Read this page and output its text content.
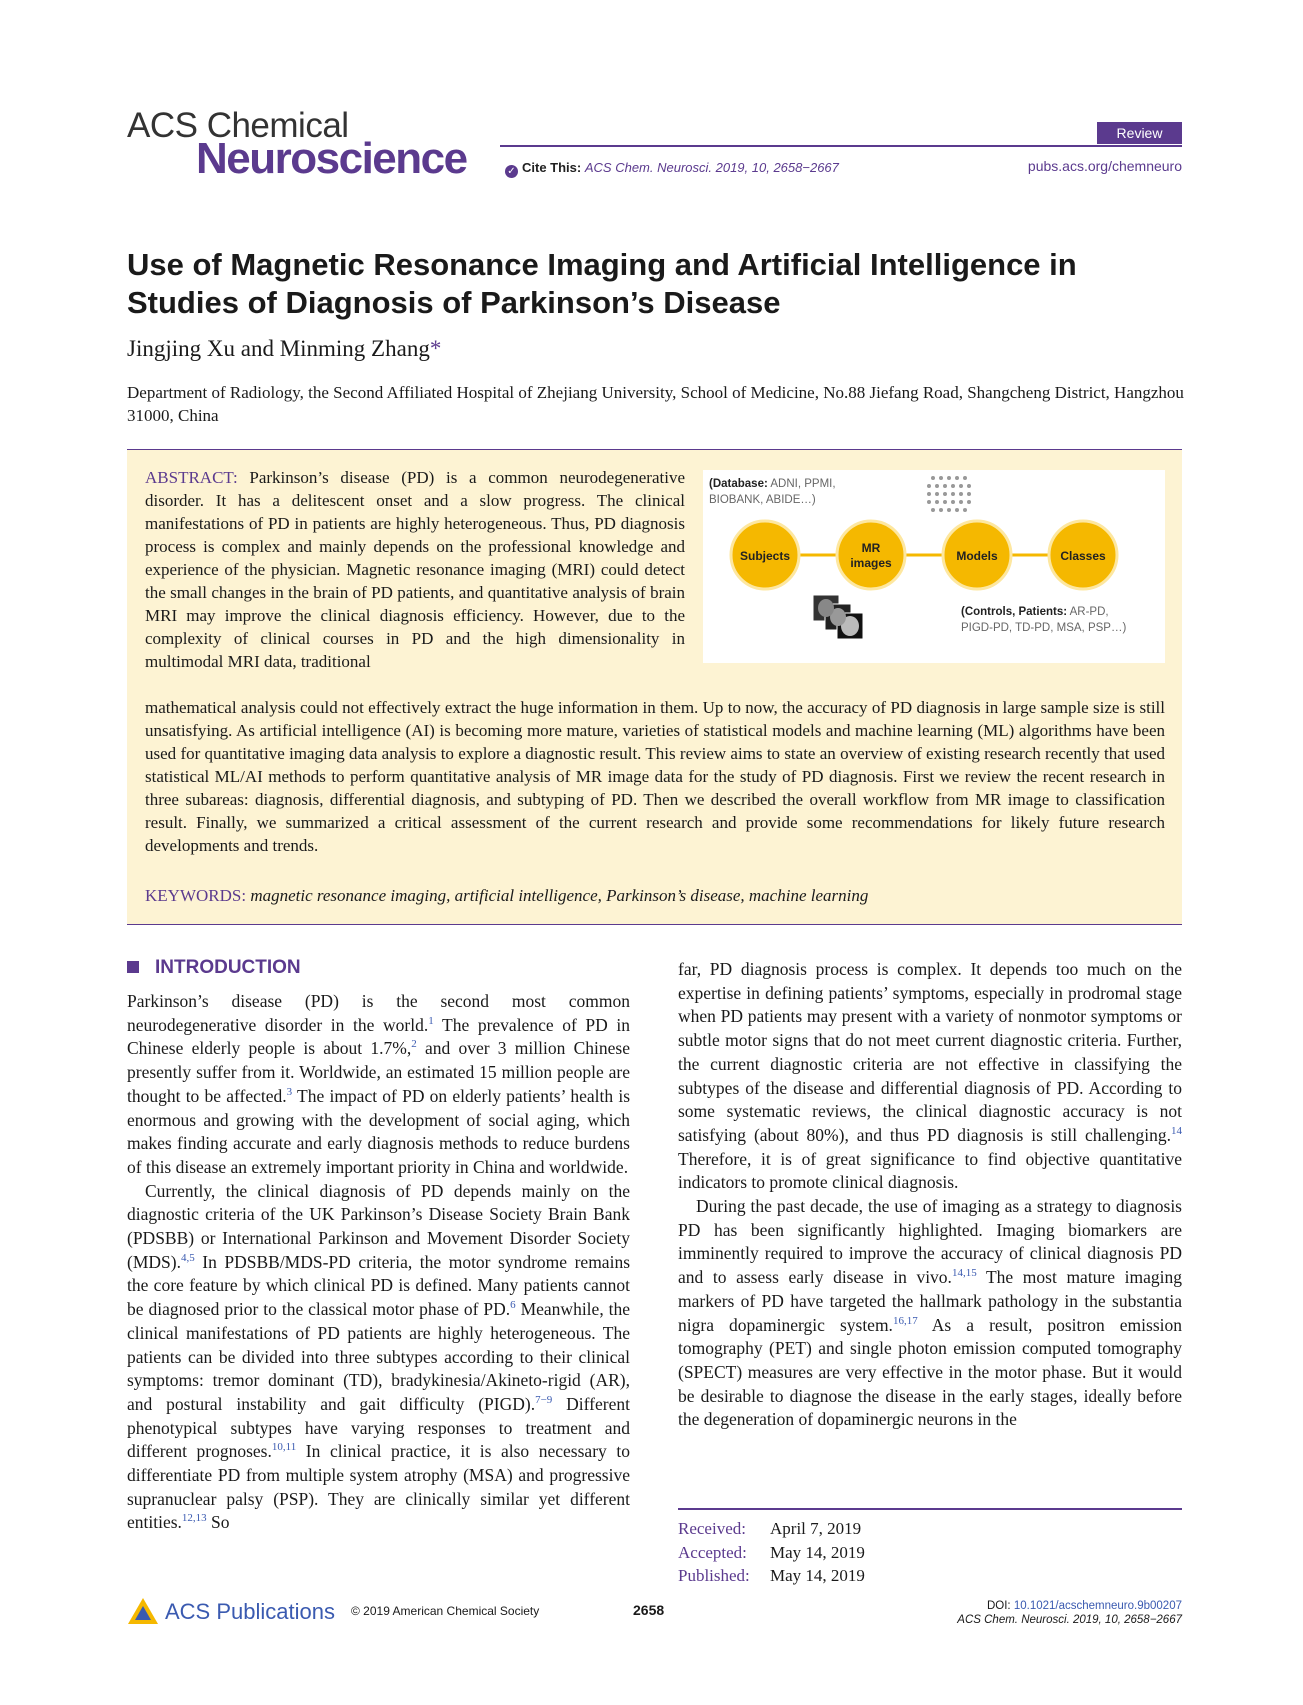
ACS Chemical
Neuroscience
Review
✓ Cite This: ACS Chem. Neurosci. 2019, 10, 2658−2667	pubs.acs.org/chemneuro
Use of Magnetic Resonance Imaging and Artificial Intelligence in Studies of Diagnosis of Parkinson’s Disease
Jingjing Xu and Minming Zhang*
Department of Radiology, the Second Affiliated Hospital of Zhejiang University, School of Medicine, No.88 Jiefang Road, Shangcheng District, Hangzhou 31000, China
ABSTRACT: Parkinson’s disease (PD) is a common neurodegenerative disorder. It has a delitescent onset and a slow progress. The clinical manifestations of PD in patients are highly heterogeneous. Thus, PD diagnosis process is complex and mainly depends on the professional knowledge and experience of the physician. Magnetic resonance imaging (MRI) could detect the small changes in the brain of PD patients, and quantitative analysis of brain MRI may improve the clinical diagnosis efficiency. However, due to the complexity of clinical courses in PD and the high dimensionality in multimodal MRI data, traditional
mathematical analysis could not effectively extract the huge information in them. Up to now, the accuracy of PD diagnosis in large sample size is still unsatisfying. As artificial intelligence (AI) is becoming more mature, varieties of statistical models and machine learning (ML) algorithms have been used for quantitative imaging data analysis to explore a diagnostic result. This review aims to state an overview of existing research recently that used statistical ML/AI methods to perform quantitative analysis of MR image data for the study of PD diagnosis. First we review the recent research in three subareas: diagnosis, differential diagnosis, and subtyping of PD. Then we described the overall workflow from MR image to classification result. Finally, we summarized a critical assessment of the current research and provide some recommendations for likely future research developments and trends.
KEYWORDS: magnetic resonance imaging, artificial intelligence, Parkinson’s disease, machine learning
Subjects
MR
images	Models	Classes
(Database: ADNI, PPMI,
BIOBANK, ABIDE…)
(Controls, Patients: AR-PD,
PIGD-PD, TD-PD, MSA, PSP…)
INTRODUCTION

Parkinson’s disease (PD) is the second most common neurodegenerative disorder in the world.$^1$ The prevalence of PD in Chinese elderly people is about 1.7%,$^2$ and over 3 million Chinese presently suffer from it. Worldwide, an estimated 15 million people are thought to be affected.$^3$ The impact of PD on elderly patients’ health is enormous and growing with the development of social aging, which makes finding accurate and early diagnosis methods to reduce burdens of this disease an extremely important priority in China and worldwide.

Currently, the clinical diagnosis of PD depends mainly on the diagnostic criteria of the UK Parkinson’s Disease Society Brain Bank (PDSBB) or International Parkinson and Movement Disorder Society (MDS).$^{4,5}$ In PDSBB/MDS-PD criteria, the motor syndrome remains the core feature by which clinical PD is defined. Many patients cannot be diagnosed prior to the classical motor phase of PD.$^6$ Meanwhile, the clinical manifestations of PD patients are highly heterogeneous. The patients can be divided into three subtypes according to their clinical symptoms: tremor dominant (TD), bradykinesia/Akineto-rigid (AR), and postural instability and gait difficulty (PIGD).$^{7-9}$ Different phenotypical subtypes have varying responses to treatment and different prognoses.$^{10,11}$ In clinical practice, it is also necessary to differentiate PD from multiple system atrophy (MSA) and progressive supranuclear palsy (PSP). They are clinically similar yet different entities.$^{12,13}$ So

far, PD diagnosis process is complex. It depends too much on the expertise in defining patients’ symptoms, especially in prodromal stage when PD patients may present with a variety of nonmotor symptoms or subtle motor signs that do not meet current diagnostic criteria. Further, the current diagnostic criteria are not effective in classifying the subtypes of the disease and differential diagnosis of PD. According to some systematic reviews, the clinical diagnostic accuracy is not satisfying (about 80%), and thus PD diagnosis is still challenging.$^{14}$ Therefore, it is of great significance to find objective quantitative indicators to promote clinical diagnosis.

During the past decade, the use of imaging as a strategy to diagnosis PD has been significantly highlighted. Imaging biomarkers are imminently required to improve the accuracy of clinical diagnosis PD and to assess early disease in vivo.$^{14,15}$ The most mature imaging markers of PD have targeted the hallmark pathology in the substantia nigra dopaminergic system.$^{16,17}$ As a result, positron emission tomography (PET) and single photon emission computed tomography (SPECT) measures are very effective in the motor phase. But it would be desirable to diagnose the disease in the early stages, ideally before the degeneration of dopaminergic neurons in the

Received: April 7, 2019
Accepted: May 14, 2019
Published: May 14, 2019
ACS Publications © 2019 American Chemical Society	2658	DOI: 10.1021/acschemneuro.9b00207
ACS Chem. Neurosci. 2019, 10, 2658−2667
